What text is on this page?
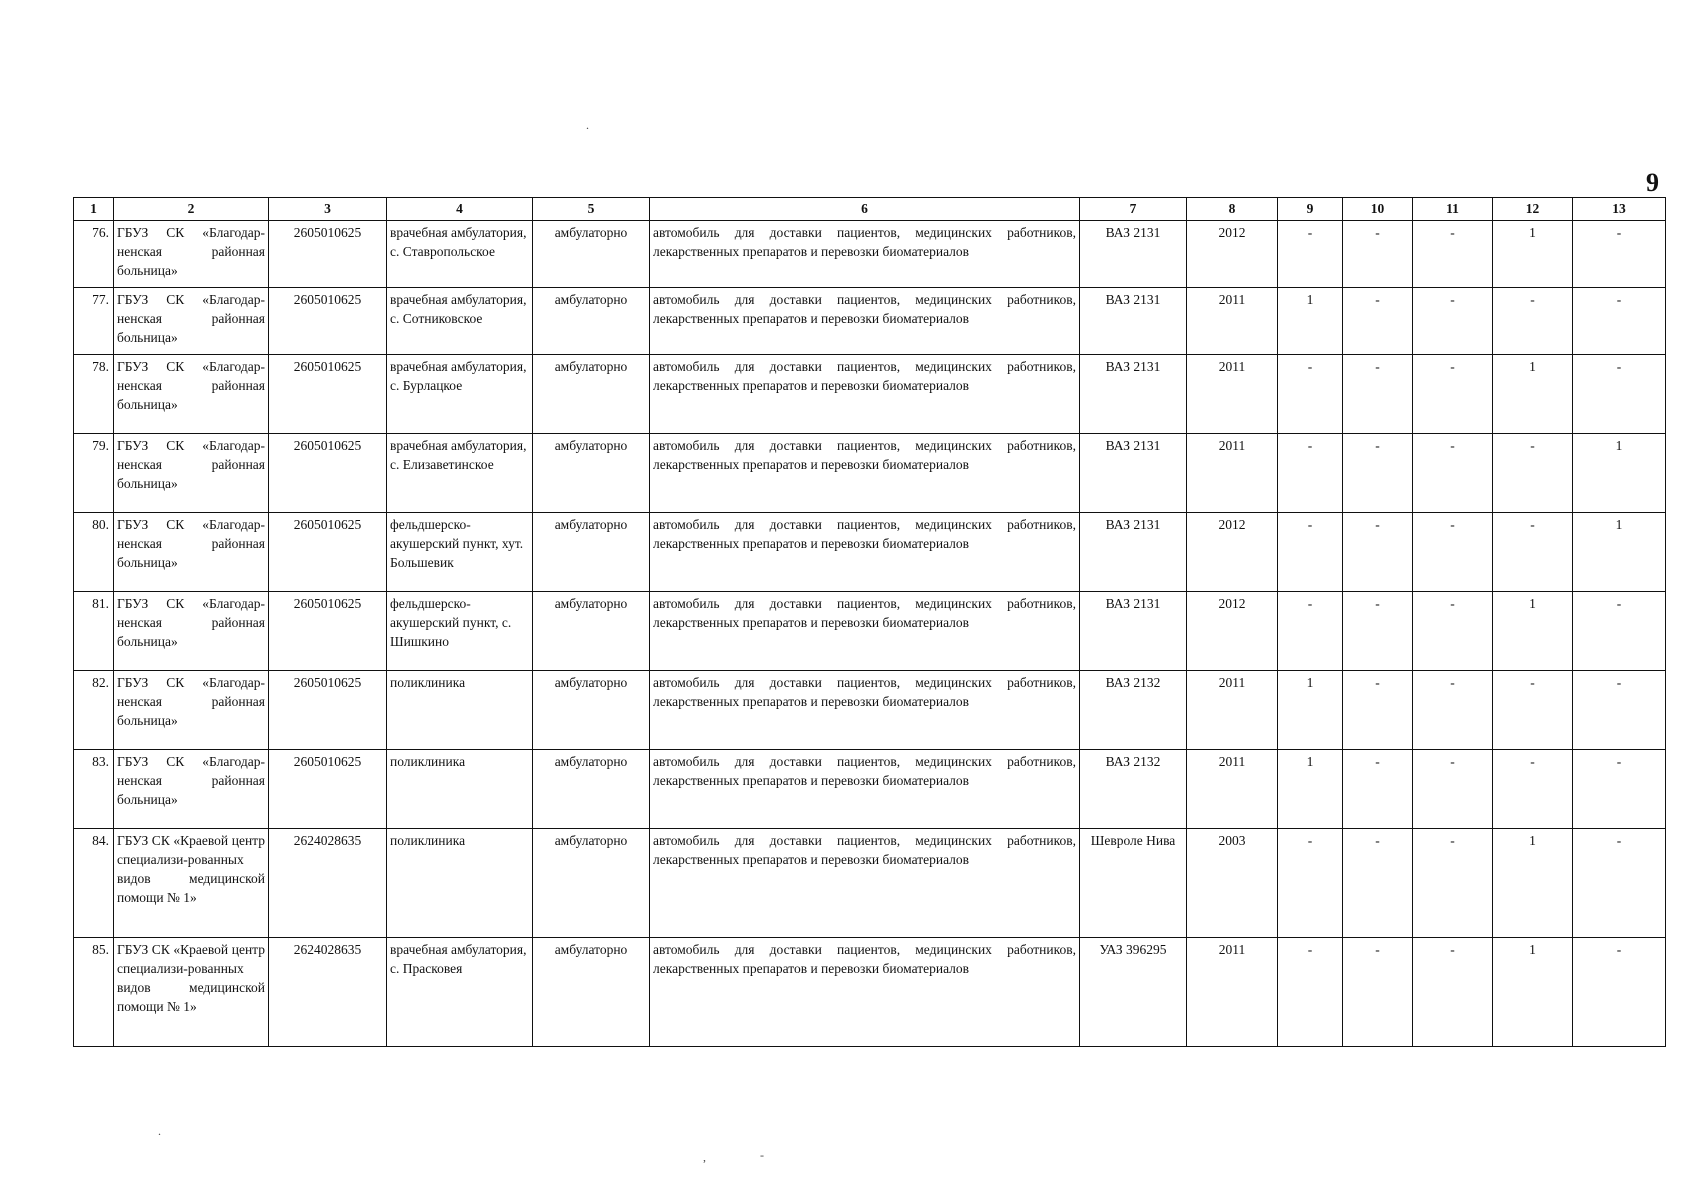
9
.
.
,	-
1	2	3	4	5	6	7	8	9	10	11	12	13
76.	ГБУЗ СК «Благодар-ненская районная больница»	2605010625	врачебная амбулатория, с. Ставропольское	амбулаторно	автомобиль для доставки пациентов, медицинских работников, лекарственных препаратов и перевозки биоматериалов	ВАЗ 2131	2012	-	-	-	1	-
77.	ГБУЗ СК «Благодар-ненская районная больница»	2605010625	врачебная амбулатория, с. Сотниковское	амбулаторно	автомобиль для доставки пациентов, медицинских работников, лекарственных препаратов и перевозки биоматериалов	ВАЗ 2131	2011	1	-	-	-	-
78.	ГБУЗ СК «Благодар-ненская районная больница»	2605010625	врачебная амбулатория, с. Бурлацкое	амбулаторно	автомобиль для доставки пациентов, медицинских работников, лекарственных препаратов и перевозки биоматериалов	ВАЗ 2131	2011	-	-	-	1	-
79.	ГБУЗ СК «Благодар-ненская районная больница»	2605010625	врачебная амбулатория, с. Елизаветинское	амбулаторно	автомобиль для доставки пациентов, медицинских работников, лекарственных препаратов и перевозки биоматериалов	ВАЗ 2131	2011	-	-	-	-	1
80.	ГБУЗ СК «Благодар-ненская районная больница»	2605010625	фельдшерско-акушерский пункт, хут. Большевик	амбулаторно	автомобиль для доставки пациентов, медицинских работников, лекарственных препаратов и перевозки биоматериалов	ВАЗ 2131	2012	-	-	-	-	1
81.	ГБУЗ СК «Благодар-ненская районная больница»	2605010625	фельдшерско-акушерский пункт, с. Шишкино	амбулаторно	автомобиль для доставки пациентов, медицинских работников, лекарственных препаратов и перевозки биоматериалов	ВАЗ 2131	2012	-	-	-	1	-
82.	ГБУЗ СК «Благодар-ненская районная больница»	2605010625	поликлиника	амбулаторно	автомобиль для доставки пациентов, медицинских работников, лекарственных препаратов и перевозки биоматериалов	ВАЗ 2132	2011	1	-	-	-	-
83.	ГБУЗ СК «Благодар-ненская районная больница»	2605010625	поликлиника	амбулаторно	автомобиль для доставки пациентов, медицинских работников, лекарственных препаратов и перевозки биоматериалов	ВАЗ 2132	2011	1	-	-	-	-
84.	ГБУЗ СК «Краевой центр специализи-рованных видов медицинской помощи № 1»	2624028635	поликлиника	амбулаторно	автомобиль для доставки пациентов, медицинских работников, лекарственных препаратов и перевозки биоматериалов	Шевроле Нива	2003	-	-	-	1	-
85.	ГБУЗ СК «Краевой центр специализи-рованных видов медицинской помощи № 1»	2624028635	врачебная амбулатория, с. Прасковея	амбулаторно	автомобиль для доставки пациентов, медицинских работников, лекарственных препаратов и перевозки биоматериалов	УАЗ 396295	2011	-	-	-	1	-
